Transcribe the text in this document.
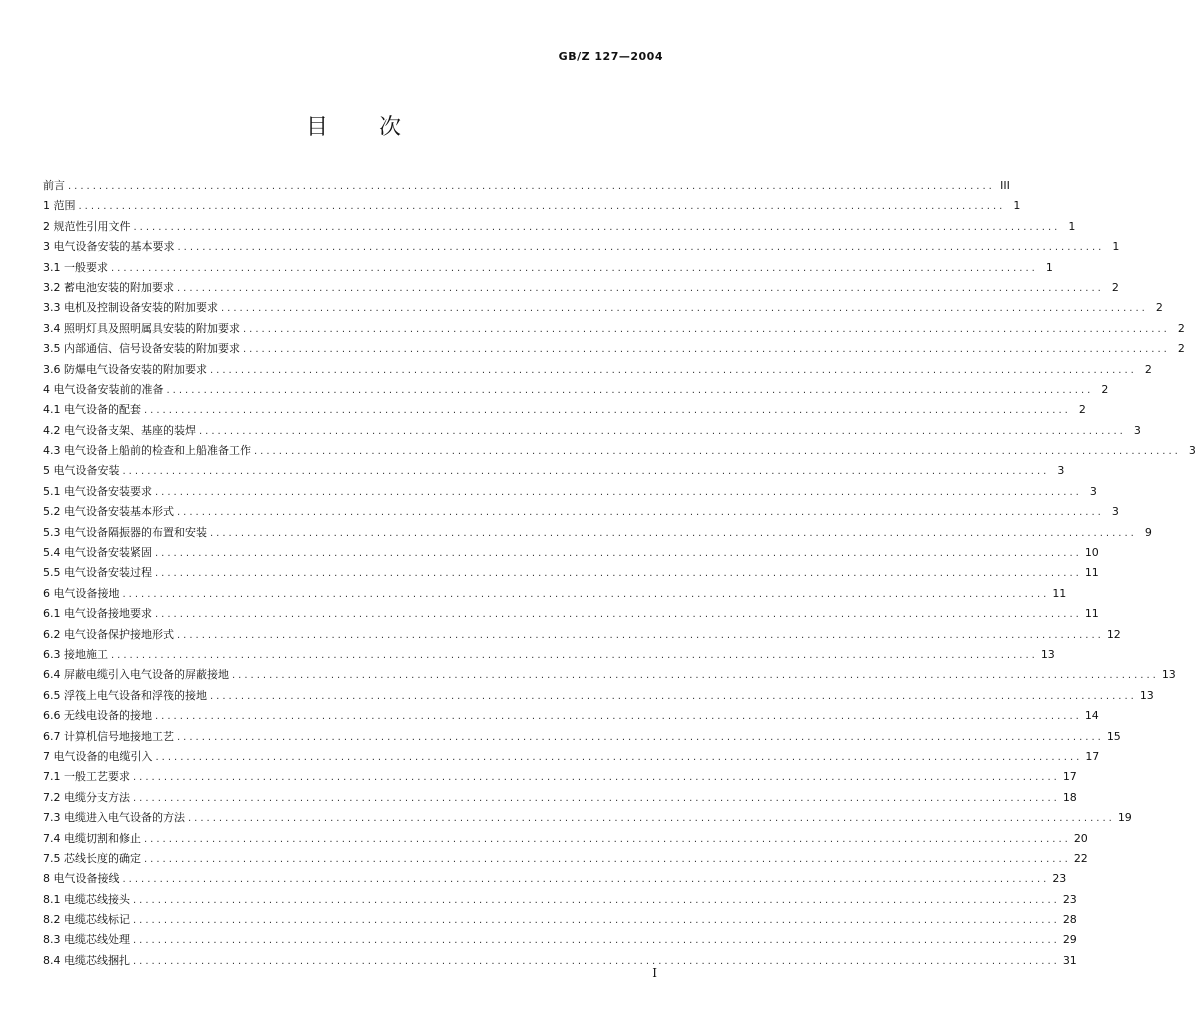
GB/Z 127—2004
目 次
前言 ...................................................................................................................................................... III
1 范围 ...................................................................................................................................................... 1
2 规范性引用文件 ...................................................................................................................................................... 1
3 电气设备安装的基本要求 ...................................................................................................................................................... 1
3.1 一般要求 ...................................................................................................................................................... 1
3.2 蓄电池安装的附加要求 ...................................................................................................................................................... 2
3.3 电机及控制设备安装的附加要求 ...................................................................................................................................................... 2
3.4 照明灯具及照明属具安装的附加要求 ...................................................................................................................................................... 2
3.5 内部通信、信号设备安装的附加要求 ...................................................................................................................................................... 2
3.6 防爆电气设备安装的附加要求 ...................................................................................................................................................... 2
4 电气设备安装前的准备 ...................................................................................................................................................... 2
4.1 电气设备的配套 ...................................................................................................................................................... 2
4.2 电气设备支架、基座的装焊 ...................................................................................................................................................... 3
4.3 电气设备上船前的检查和上船准备工作 ...................................................................................................................................................... 3
5 电气设备安装 ...................................................................................................................................................... 3
5.1 电气设备安装要求 ...................................................................................................................................................... 3
5.2 电气设备安装基本形式 ...................................................................................................................................................... 3
5.3 电气设备隔振器的布置和安装 ...................................................................................................................................................... 9
5.4 电气设备安装紧固 ...................................................................................................................................................... 10
5.5 电气设备安装过程 ...................................................................................................................................................... 11
6 电气设备接地 ...................................................................................................................................................... 11
6.1 电气设备接地要求 ...................................................................................................................................................... 11
6.2 电气设备保护接地形式 ...................................................................................................................................................... 12
6.3 接地施工 ...................................................................................................................................................... 13
6.4 屏蔽电缆引入电气设备的屏蔽接地 ...................................................................................................................................................... 13
6.5 浮筏上电气设备和浮筏的接地 ...................................................................................................................................................... 13
6.6 无线电设备的接地 ...................................................................................................................................................... 14
6.7 计算机信号地接地工艺 ...................................................................................................................................................... 15
7 电气设备的电缆引入 ...................................................................................................................................................... 17
7.1 一般工艺要求 ...................................................................................................................................................... 17
7.2 电缆分支方法 ...................................................................................................................................................... 18
7.3 电缆进入电气设备的方法 ...................................................................................................................................................... 19
7.4 电缆切割和修止 ...................................................................................................................................................... 20
7.5 芯线长度的确定 ...................................................................................................................................................... 22
8 电气设备接线 ...................................................................................................................................................... 23
8.1 电缆芯线接头 ...................................................................................................................................................... 23
8.2 电缆芯线标记 ...................................................................................................................................................... 28
8.3 电缆芯线处理 ...................................................................................................................................................... 29
8.4 电缆芯线捆扎 ...................................................................................................................................................... 31
I
